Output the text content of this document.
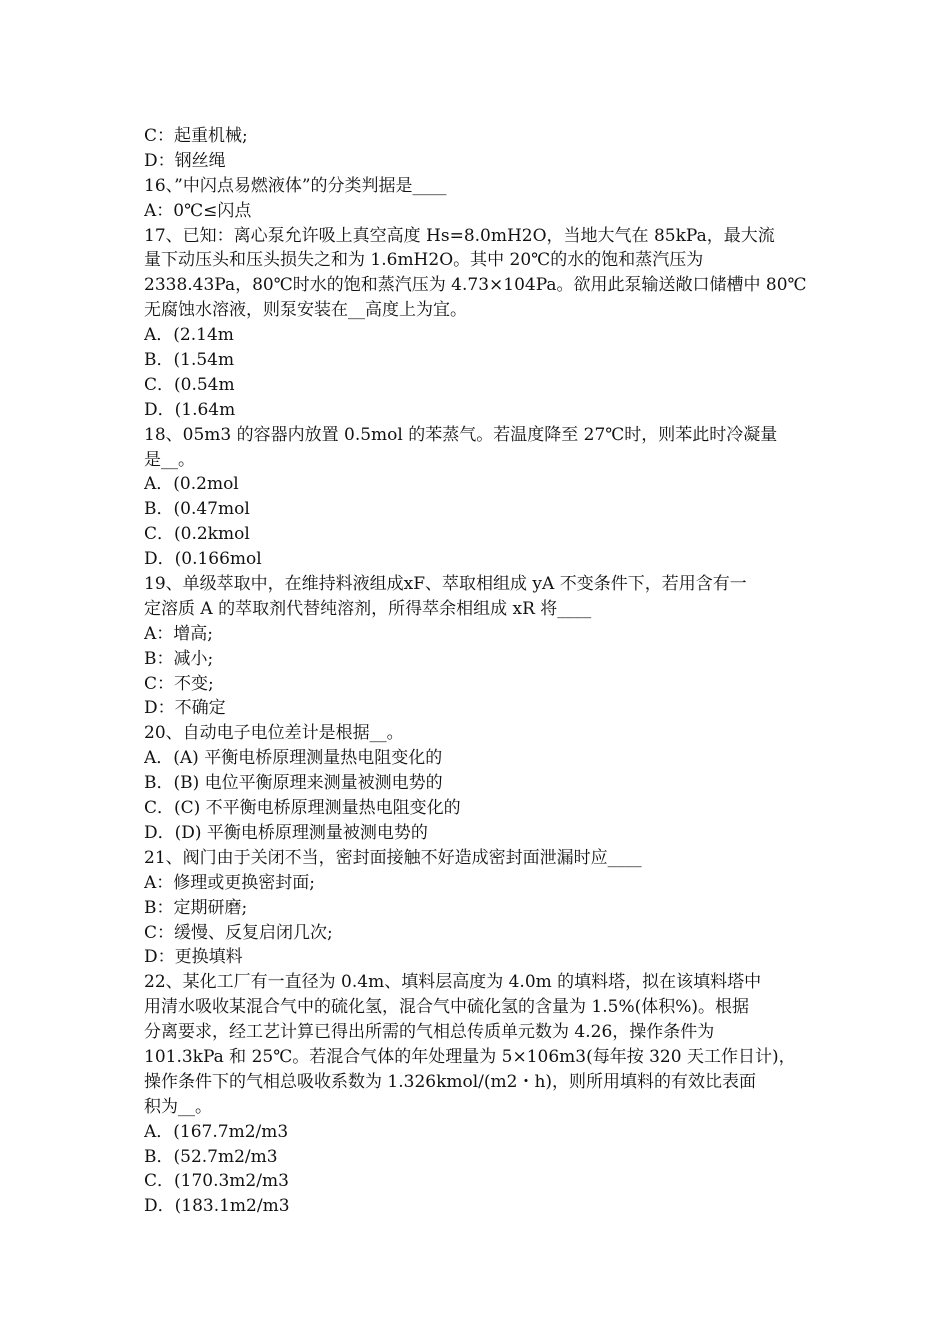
C：起重机械;
D：钢丝绳
16、”中闪点易燃液体”的分类判据是____
A：0℃≤闪点
17、已知：离心泵允许吸上真空高度 Hs=8.0mH2O，当地大气在 85kPa，最大流
量下动压头和压头损失之和为 1.6mH2O。其中 20℃的水的饱和蒸汽压为
2338.43Pa，80℃时水的饱和蒸汽压为 4.73×104Pa。欲用此泵输送敞口储槽中 80℃
无腐蚀水溶液，则泵安装在__高度上为宜。
A．(2.14m
B．(1.54m
C．(0.54m
D．(1.64m
18、05m3 的容器内放置 0.5mol 的苯蒸气。若温度降至 27℃时，则苯此时冷凝量
是__。
A．(0.2mol
B．(0.47mol
C．(0.2kmol
D．(0.166mol
19、单级萃取中，在维持料液组成xF、萃取相组成 yA 不变条件下，若用含有一
定溶质 A 的萃取剂代替纯溶剂，所得萃余相组成 xR 将____
A：增高;
B：减小;
C：不变;
D：不确定
20、自动电子电位差计是根据__。
A．(A) 平衡电桥原理测量热电阻变化的
B．(B) 电位平衡原理来测量被测电势的
C．(C) 不平衡电桥原理测量热电阻变化的
D．(D) 平衡电桥原理测量被测电势的
21、阀门由于关闭不当，密封面接触不好造成密封面泄漏时应____
A：修理或更换密封面;
B：定期研磨;
C：缓慢、反复启闭几次;
D：更换填料
22、某化工厂有一直径为 0.4m、填料层高度为 4.0m 的填料塔，拟在该填料塔中
用清水吸收某混合气中的硫化氢，混合气中硫化氢的含量为 1.5%(体积%)。根据
分离要求，经工艺计算已得出所需的气相总传质单元数为 4.26，操作条件为
101.3kPa 和 25℃。若混合气体的年处理量为 5×106m3(每年按 320 天工作日计)，
操作条件下的气相总吸收系数为 1.326kmol/(m2・h)，则所用填料的有效比表面
积为__。
A．(167.7m2/m3
B．(52.7m2/m3
C．(170.3m2/m3
D．(183.1m2/m3
